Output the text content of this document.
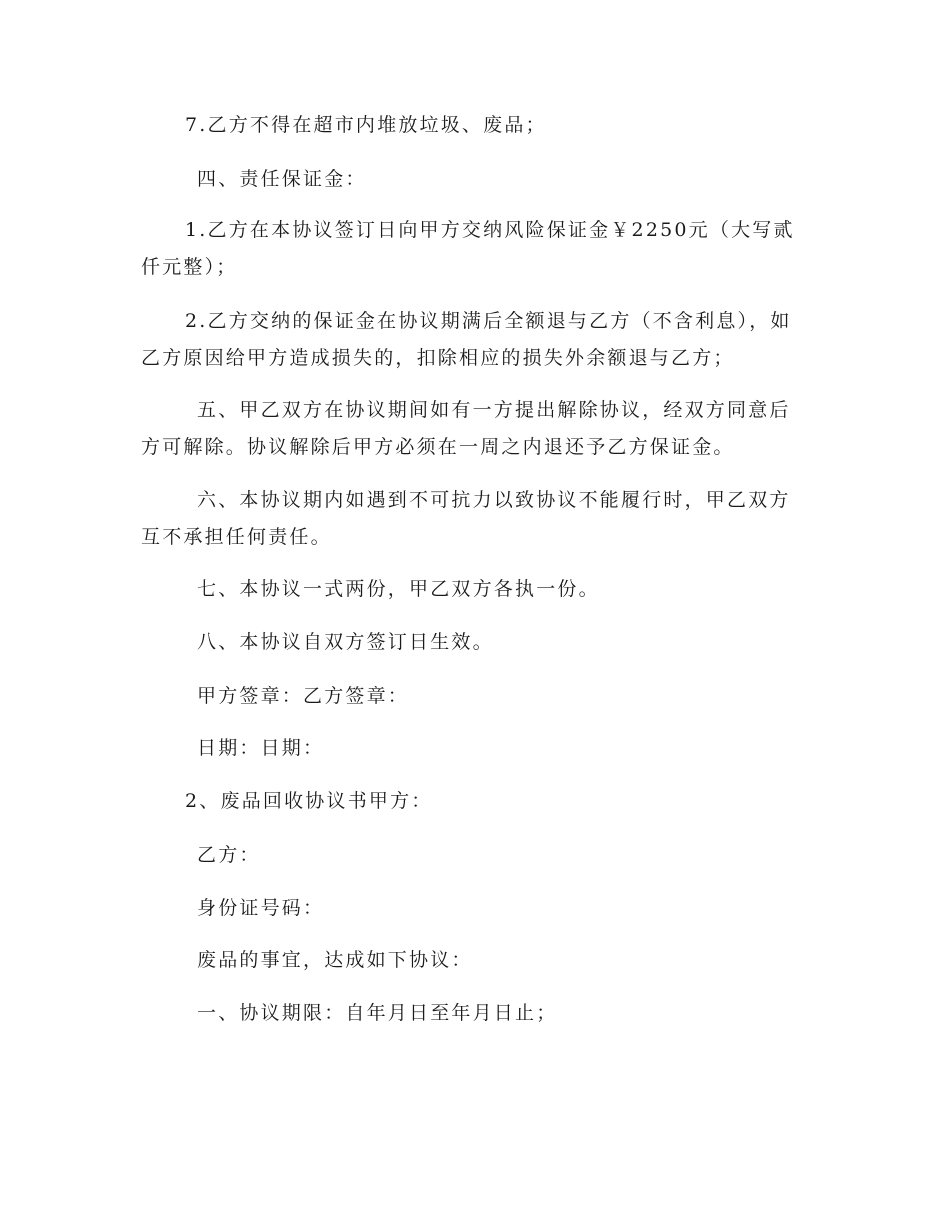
7.乙方不得在超市内堆放垃圾、废品；
四、责任保证金：
1.乙方在本协议签订日向甲方交纳风险保证金￥2250元（大写贰仟元整）；
2.乙方交纳的保证金在协议期满后全额退与乙方（不含利息），如乙方原因给甲方造成损失的，扣除相应的损失外余额退与乙方；
五、甲乙双方在协议期间如有一方提出解除协议，经双方同意后方可解除。协议解除后甲方必须在一周之内退还予乙方保证金。
六、本协议期内如遇到不可抗力以致协议不能履行时，甲乙双方互不承担任何责任。
七、本协议一式两份，甲乙双方各执一份。
八、本协议自双方签订日生效。
甲方签章：乙方签章：
日期：日期：
2、废品回收协议书甲方：
乙方：
身份证号码：
废品的事宜，达成如下协议：
一、协议期限：自年月日至年月日止；
